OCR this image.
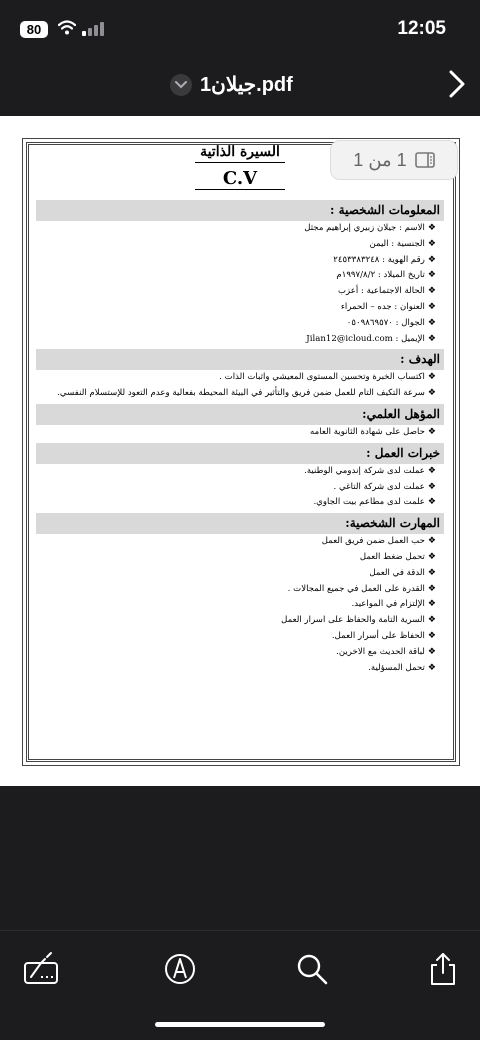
80	12:05
جيلان1.pdf
1 من 1
السيرة الذاتية
C.V
المعلومات الشخصية :
❖الاسم : جيلان زبيري إبراهيم مجثل
❖الجنسية : اليمن
❖رقم الهوية : ٢٤٥٣٣٨٣٢٤٨
❖تاريخ الميلاد : ١٩٩٧/٨/٢م
❖الحالة الاجتماعية : أعزب
❖العنوان : جده – الحمراء
❖الجوال : ٠٥٠٩٨٦٩٥٧٠
❖الإيميل : Jilan12@icloud.com
الهدف :
❖اكتساب الخبرة وتحسين المستوى المعيشي واثبات الذات .
❖سرعة التكيف التام للعمل ضمن فريق والتأثير في البيئة المحيطة بفعالية وعدم التعود للإستسلام النفسي.
المؤهل العلمي:
❖حاصل على شهادة الثانوية العامه
خبرات العمل :
❖عملت لدى شركة إندومي الوطنية.
❖عملت لدى شركة التاغي .
❖علمت لدى مطاعم بيت الجاوي.
المهارت الشخصية:
❖حب العمل ضمن فريق العمل
❖تحمل ضغط العمل
❖الدقة في العمل
❖القدرة على العمل في جميع المجالات .
❖الإلتزام في المواعيد.
❖السرية التامة والحفاظ على اسرار العمل
❖الحفاظ على أسرار العمل.
❖لباقة الحديث مع الاخرين.
❖تحمل المسؤلية.
